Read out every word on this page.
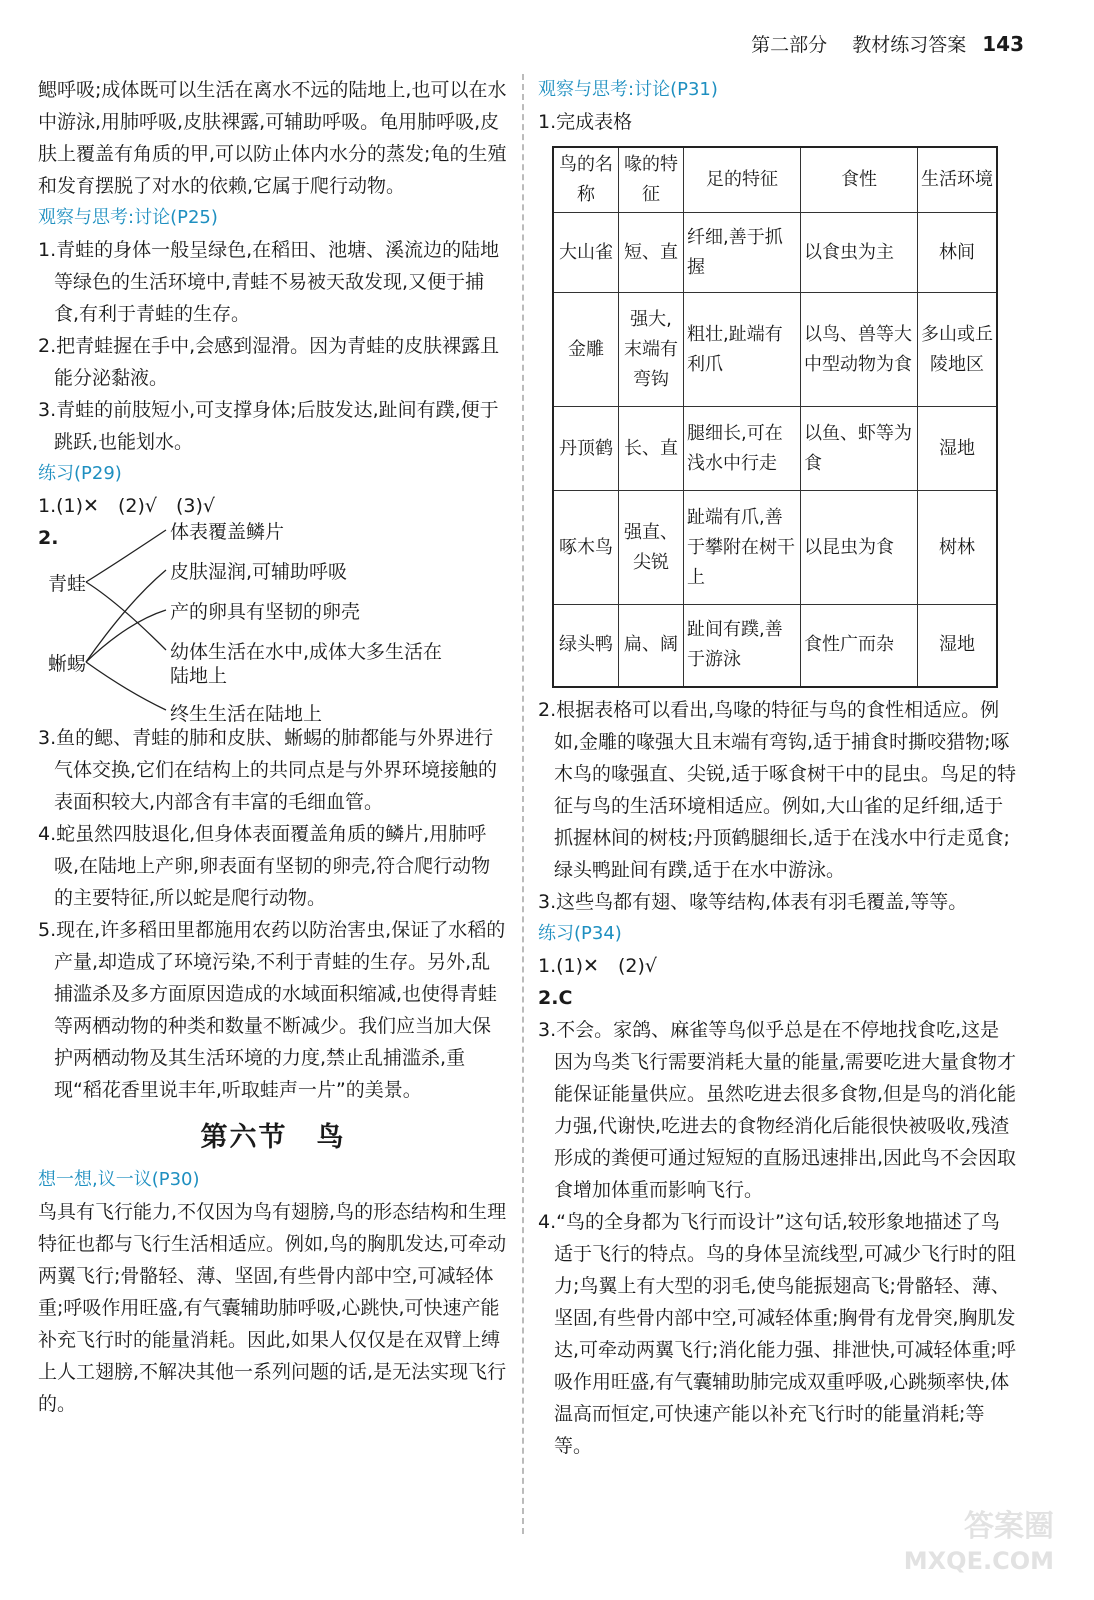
第二部分　 教材练习答案 143

鳃呼吸;成体既可以生活在离水不远的陆地上,也可以在水中游泳,用肺呼吸,皮肤裸露,可辅助呼吸。龟用肺呼吸,皮肤上覆盖有角质的甲,可以防止体内水分的蒸发;龟的生殖和发育摆脱了对水的依赖,它属于爬行动物。

观察与思考:讨论(P25)

1.青蛙的身体一般呈绿色,在稻田、池塘、溪流边的陆地等绿色的生活环境中,青蛙不易被天敌发现,又便于捕食,有利于青蛙的生存。

2.把青蛙握在手中,会感到湿滑。因为青蛙的皮肤裸露且能分泌黏液。

3.青蛙的前肢短小,可支撑身体;后肢发达,趾间有蹼,便于跳跃,也能划水。

练习(P29)

1.(1)✕　(2)√　(3)√

2.
青蛙
蜥蜴
体表覆盖鳞片
皮肤湿润,可辅助呼吸
产的卵具有坚韧的卵壳
幼体生活在水中,成体大多生活在
陆地上
终生生活在陆地上

3.鱼的鳃、青蛙的肺和皮肤、蜥蜴的肺都能与外界进行气体交换,它们在结构上的共同点是与外界环境接触的表面积较大,内部含有丰富的毛细血管。

4.蛇虽然四肢退化,但身体表面覆盖角质的鳞片,用肺呼吸,在陆地上产卵,卵表面有坚韧的卵壳,符合爬行动物的主要特征,所以蛇是爬行动物。

5.现在,许多稻田里都施用农药以防治害虫,保证了水稻的产量,却造成了环境污染,不利于青蛙的生存。另外,乱捕滥杀及多方面原因造成的水域面积缩减,也使得青蛙等两栖动物的种类和数量不断减少。我们应当加大保护两栖动物及其生活环境的力度,禁止乱捕滥杀,重现“稻花香里说丰年,听取蛙声一片”的美景。

第六节　鸟

想一想,议一议(P30)

鸟具有飞行能力,不仅因为鸟有翅膀,鸟的形态结构和生理特征也都与飞行生活相适应。例如,鸟的胸肌发达,可牵动两翼飞行;骨骼轻、薄、坚固,有些骨内部中空,可减轻体重;呼吸作用旺盛,有气囊辅助肺呼吸,心跳快,可快速产能补充飞行时的能量消耗。因此,如果人仅仅是在双臂上缚上人工翅膀,不解决其他一系列问题的话,是无法实现飞行的。

观察与思考:讨论(P31)

1.完成表格

鸟的名称	喙的特征	足的特征	食性	生活环境
大山雀	短、直	纤细,善于抓握	以食虫为主	林间
金雕	强大,末端有弯钩	粗壮,趾端有利爪	以鸟、兽等大中型动物为食	多山或丘陵地区
丹顶鹤	长、直	腿细长,可在浅水中行走	以鱼、虾等为食	湿地
啄木鸟	强直、尖锐	趾端有爪,善于攀附在树干上	以昆虫为食	树林
绿头鸭	扁、阔	趾间有蹼,善于游泳	食性广而杂	湿地

2.根据表格可以看出,鸟喙的特征与鸟的食性相适应。例如,金雕的喙强大且末端有弯钩,适于捕食时撕咬猎物;啄木鸟的喙强直、尖锐,适于啄食树干中的昆虫。鸟足的特征与鸟的生活环境相适应。例如,大山雀的足纤细,适于抓握林间的树枝;丹顶鹤腿细长,适于在浅水中行走觅食;绿头鸭趾间有蹼,适于在水中游泳。

3.这些鸟都有翅、喙等结构,体表有羽毛覆盖,等等。

练习(P34)

1.(1)✕　(2)√

2.C

3.不会。家鸽、麻雀等鸟似乎总是在不停地找食吃,这是因为鸟类飞行需要消耗大量的能量,需要吃进大量食物才能保证能量供应。虽然吃进去很多食物,但是鸟的消化能力强,代谢快,吃进去的食物经消化后能很快被吸收,残渣形成的粪便可通过短短的直肠迅速排出,因此鸟不会因取食增加体重而影响飞行。

4.“鸟的全身都为飞行而设计”这句话,较形象地描述了鸟适于飞行的特点。鸟的身体呈流线型,可减少飞行时的阻力;鸟翼上有大型的羽毛,使鸟能振翅高飞;骨骼轻、薄、坚固,有些骨内部中空,可减轻体重;胸骨有龙骨突,胸肌发达,可牵动两翼飞行;消化能力强、排泄快,可减轻体重;呼吸作用旺盛,有气囊辅助肺完成双重呼吸,心跳频率快,体温高而恒定,可快速产能以补充飞行时的能量消耗;等等。

答案圈
MXQE.COM
